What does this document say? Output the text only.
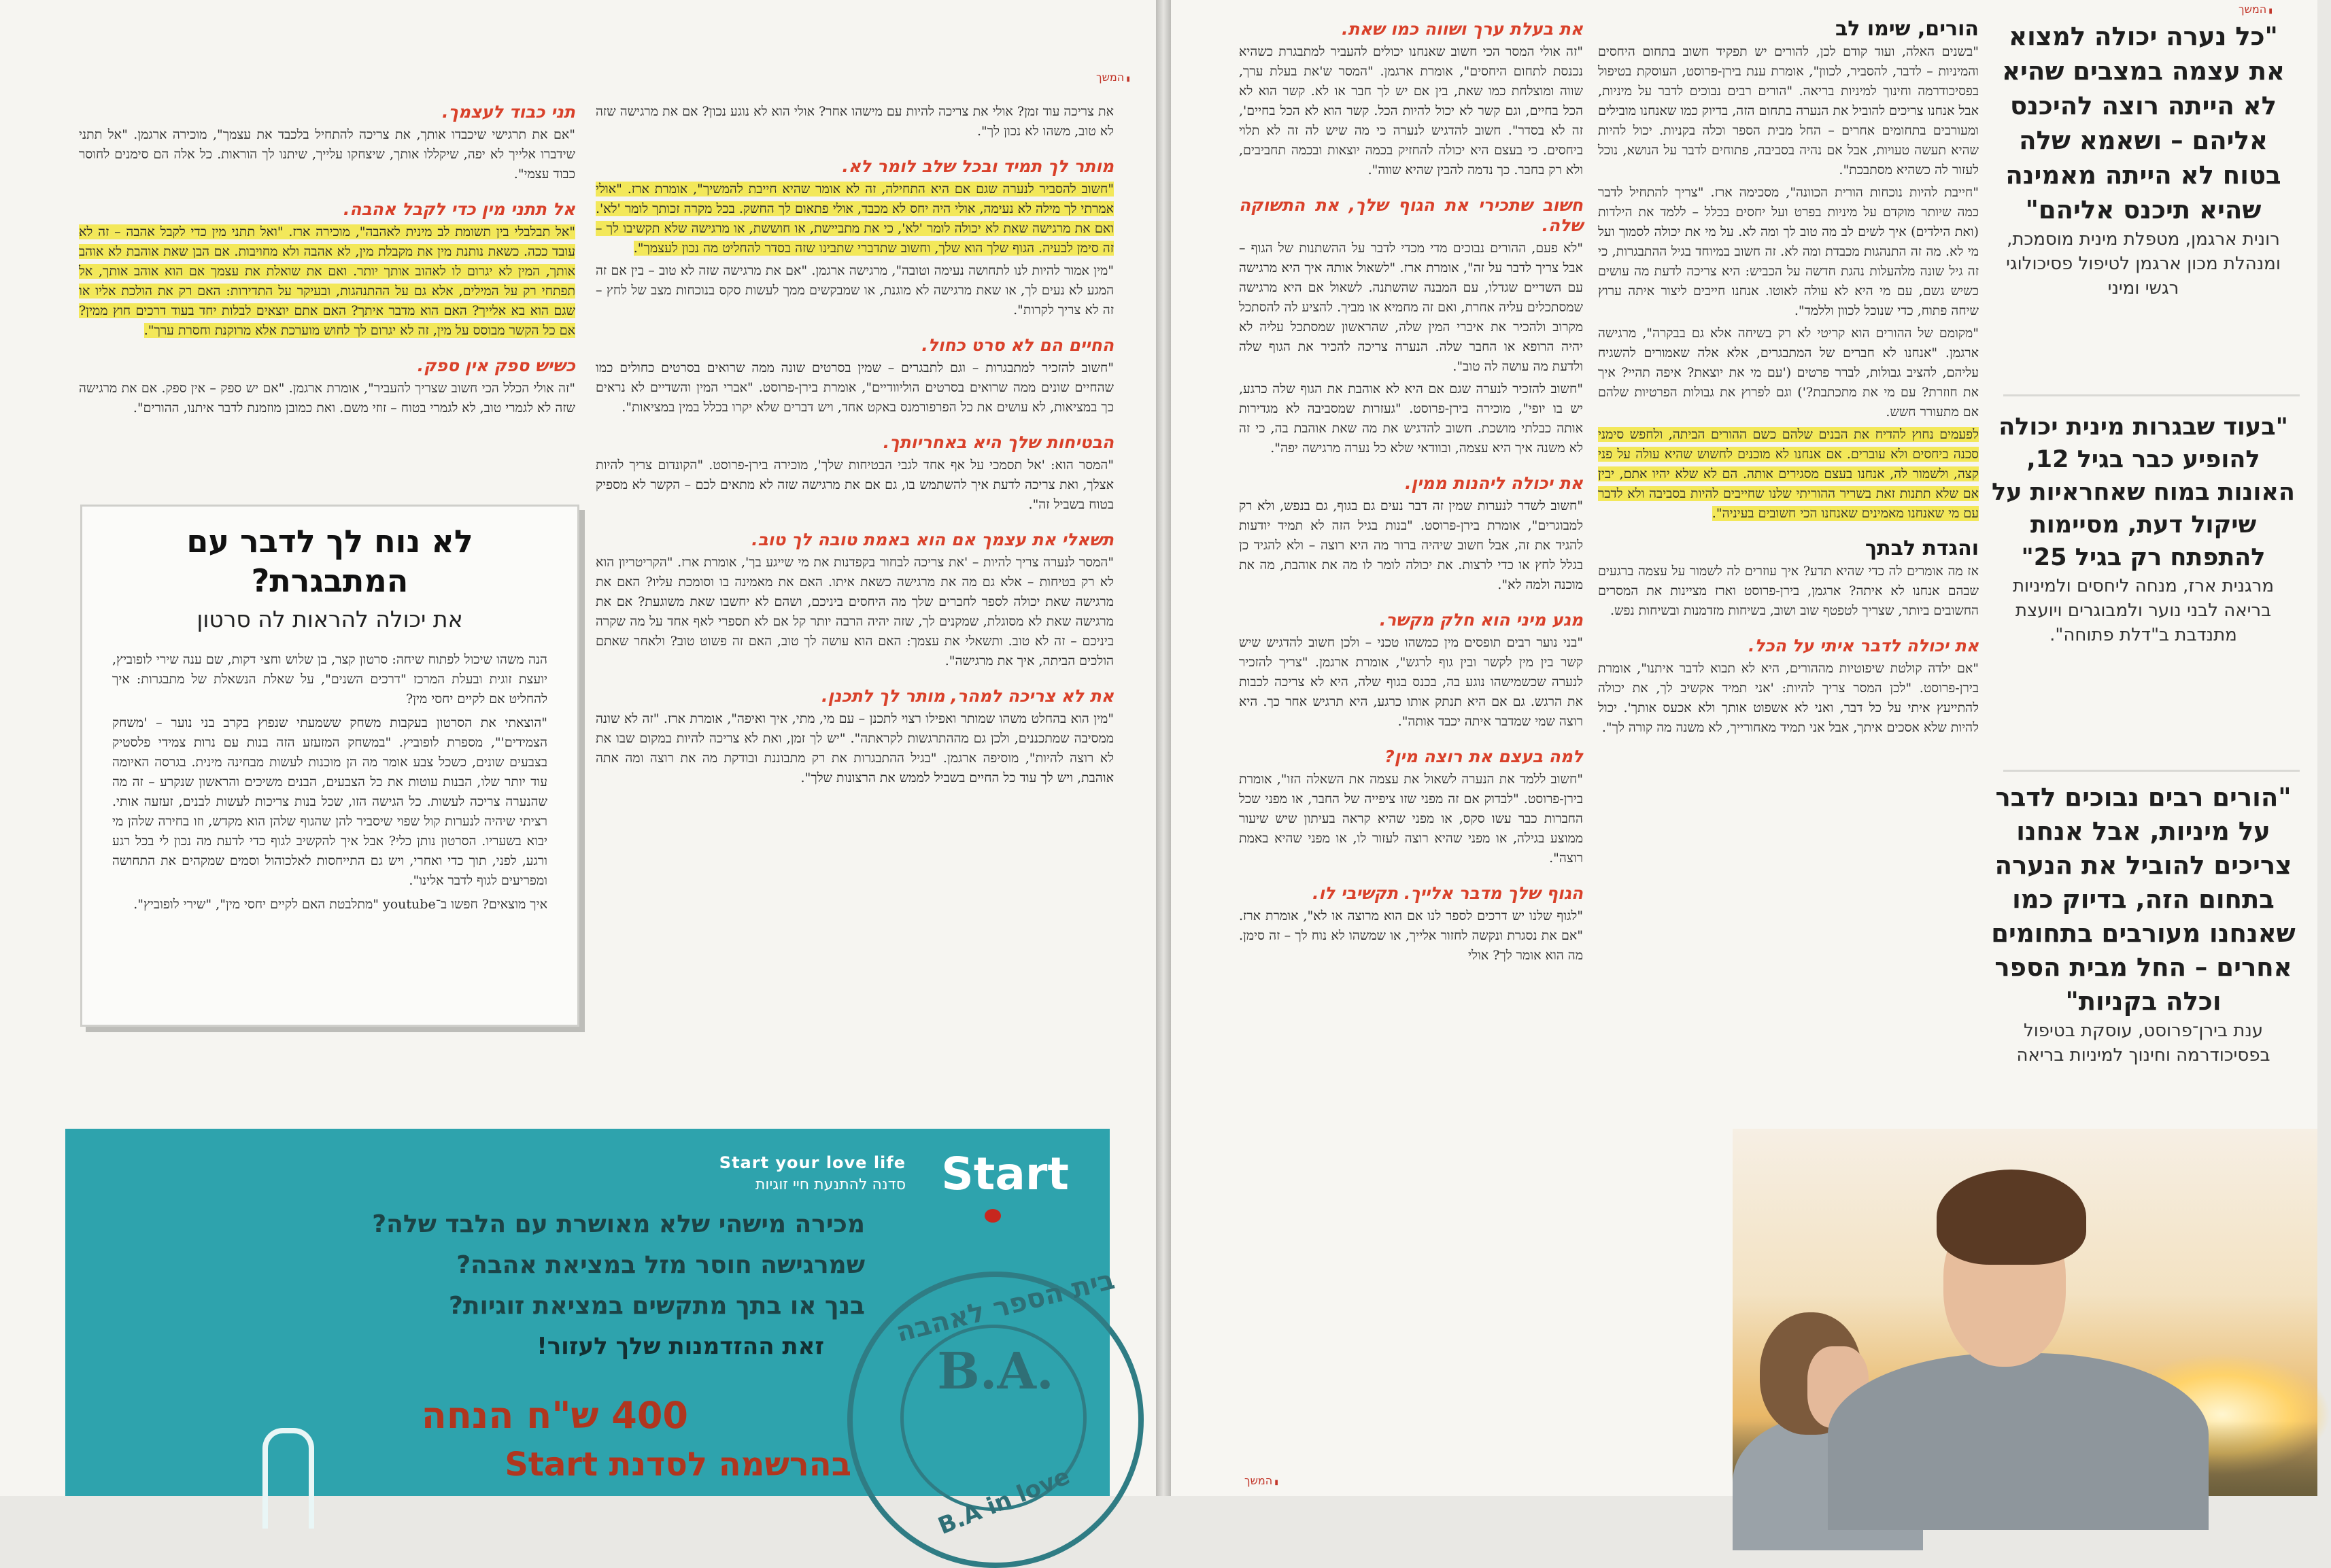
▮ המשך

את צריכה עוד זמן? אולי את צריכה להיות עם מישהו אחר? אולי הוא לא נוגע נכון? אם את מרגישה שזה לא טוב, משהו לא נכון לך".

מותר לך תמיד ובכל שלב לומר לא.

"חשוב להסביר לנערה שגם אם היא התחילה, זה לא אומר שהיא חייבת להמשיך", אומרת ארז. "אולי אמרתי לך מילה לא נעימה, אולי היה יחס לא מכבד, אולי פתאום לך החשק. בכל מקרה זכותך לומר 'לא'. ואם את מרגישה שאת לא יכולה לומר 'לא', כי את מתביישת, או חוששת, או מרגישה שלא תקשיבו לך – זה סימן לבעיה. הגוף שלך הוא שלך, וחשוב שתדברי שתבינו שזה בסדר להחליט מה נכון לעצמך".

"מין אמור להיות לנו לתחושה נעימה וטובה", מרגישה ארגמן. "אם את מרגישה שזה לא טוב – בין אם זה המגע לא נעים לך, או שאת מרגישה לא מוגנת, או שמבקשים ממך לעשות סקס בנוכחות מצב של לחץ – זה לא צריך לקרות".

החיים הם לא סרט כחול.

"חשוב להזכיר למתבגרות – וגם לתבגרים – שמין בסרטים שונה ממה שרואים בסרטים כחולים כמו שהחיים שונים ממה שרואים בסרטים הוליוודיים", אומרת בירן-פרוסט. "אברי המין והשדיים לא נראים כך במציאות, לא עושים את כל הפרפורמנס באקט אחד, ויש דברים שלא יקרו בכלל במין במציאות".

הבטיחות שלך היא באחריותך.

"המסר הוא: 'אל תסמכי על אף אחד לגבי הבטיחות שלך', מוכירה בירן-פרוסט. "הקונדום צריך להיות אצלך, ואת צריכה לדעת איך להשתמש בו, גם אם את מרגישה שזה לא מתאים לכם – הקשר לא מספיק בטוח בשביל זה".

תשאלי את עצמך אם הוא באמת טובה לך טוב.

"המסר לנערה צריך להיות – 'את צריכה לבחור בקפדנות את מי שייגע בך', אומרת ארז. "הקריטריון הוא לא רק בטיחות – אלא גם מה את מרגישה כשאת איתו. האם את מאמינה בו וסומכת עליו? האם את מרגישה שאת יכולה לספר לחברים שלך מה היחסים ביניכם, ושהם לא יחשבו שאת משוגעת? אם את מרגישה שאת לא מסוגלת, שמקנים לך, שזה יהיה הרבה יותר קל אם לא תספרי לאף אחד על מה שקרה ביניכם – זה לא טוב. ותשאלי את עצמך: האם הוא עושה לך טוב, האם זה פשוט טוב? ולאחר שאתם הולכים הביתה, איך את מרגישה".

את לא צריכה למהר, מותר לך לתכנן.

"מין הוא בהחלט משהו שמותר ואפילו רצוי לתכנן – עם מי, מתי, איך ואיפה", אומרת ארז. "זה לא שונה ממסיבה שמתכננים, ולכן גם מההתרגשות לקראתה". "יש לך זמן, ואת לא צריכה להיות במקום שבו את לא רוצה להיות", מוסיפה ארגמן. "בגיל ההתבגרות את רק מתבוננת ובודקת מה את רוצה ומה אתה אוהבת, ויש לך עוד כל החיים בשביל לממש את הרצונות שלך".

תני כבוד לעצמך.

"אם את תרגישי שיכבדו אותך, את צריכה להתחיל בלכבד את עצמך", מוכירה ארגמן. "אל תתני שידברו אלייך לא יפה, שיקללו אותך, שיצחקו עלייך, שיתנו לך הוראות. כל אלה הם סימנים לחוסר כבוד עצמי".

אל תתני מין כדי לקבל אהבה.

"אל תבלבלי בין תשומת לב מינית לאהבה", מוכירה ארז. "ואל תתני מין כדי לקבל אהבה – זה לא עובד ככה. כשאת נותנת מין את מקבלת מין, לא אהבה ולא מחויבות. אם הבן שאת אוהבת לא אוהב אותך, המין לא יגרום לו לאהוב אותך יותר. ואם את שואלת את עצמך אם הוא אוהב אותך, אל תפתחי רק על המילים, אלא גם על ההתנהגות, ובעיקר על התדירות: האם רק את הולכת אליו או שגם הוא בא אלייך? האם הוא מדבר איתך? האם אתם יוצאים לבלות יחד בעוד דרכים חוץ ממין? אם כל הקשר מבוסס על מין, זה לא יגרום לך לחוש מוערכת אלא מרוקנת וחסרת ערך".

כשיש ספק אין ספק.

"זה אולי הכלל הכי חשוב שצריך להעביר", אומרת ארגמן. "אם יש ספק – אין ספק. אם את מרגישה שזה לא לגמרי טוב, לא לגמרי בטוח – זוזי משם. ואת כמובן מוזמנת לדבר איתנו, ההורים".

לא נוח לך לדבר עם המתבגרת?
את יכולה להראות לה סרטון

הנה משהו שיכול לפתוח שיחה: סרטון קצר, בן שלוש וחצי דקות, שם ענה שירי לופוביץ, יועצת זוגית ובעלת המרכז "דרכים השנים", על שאלת הנשאלת של מתבגרות: איך להחליט אם לקיים יחסי מין?

"הוצאתי את הסרטון בעקבות משחק ששמעתי שנפוץ בקרב בני נוער – 'משחק הצמידים'", מספרת לופוביץ. "במשחק המזעזע הזה בנות עם נרות צמידי פלסטיק בצבעים שונים, כשכל צבע אומר מה הן מוכנות לעשות מבחינה מינית. בגרסה האיומה עוד יותר שלו, הבנות עוטות את כל הצבעים, הבנים משיכים והראשון שנקרע – זה מה שהנערה צריכה לעשות. כל הגישה הזו, שכל בנות צריכות לעשות לבנים, זעזעה אותי. רציתי שיהיה לנערות קול שפוי שיסביר להן שהגוף שלהן הוא מקדש, וזו בחירה שלהן מי יבוא בשעריו. הסרטון נותן כלי? אבל איך להקשיב לגוף כדי לדעת מה נכון לי בכל רגע ורגע, לפני, תוך כדי ואחרי, ויש גם התייחסות לאלכוהול וסמים שמקהים את התחושה ומפריעים לגוף לדבר אלינו".

איך מוצאים? חפשו ב־youtube "מתלבטת האם לקיים יחסי מין", "שירי לופוביץ".

Start
Start your love life
סדנה להתנעת חיי זוגיות
מכירה מישהי שלא מאושרת עם הלבד שלה?
שמרגישה חוסר מזל במציאת אהבה?
בנך או בתך מתקשים במציאת זוגיות?
זאת ההזדמנות שלך לעזור!
400 ש"ח הנחה
בהרשמה לסדנת Start
בית הספר לאהבה
B.A.
B.A in love
▮ המשך
"כל נערה יכולה למצוא את עצמה במצבים שהיא לא הייתה רוצה להיכנס אליהם – ושאמא שלה בטוח לא הייתה מאמינה שהיא תיכנס אליהם"
רונית ארגמן, מטפלת מינית מוסמכת, ומנהלת מכון ארגמן לטיפול פסיכולוגי רגשי ומיני
"בעוד שבגרות מינית יכולה להופיע כבר בגיל 12, האונות במוח שאחראיות על שיקול דעת, מסיימות להתפתח רק בגיל 25"
מרגנית ארז, מנחה ליחסים ולמיניות בריאה לבני נוער ולמבוגרים ויועצת מתנדבת ב"דלת פתוחה".
"הורים רבים נבוכים לדבר על מיניות, אבל אנחנו צריכים להוביל את הנערה בתחום הזה, בדיוק כמו שאנחנו מעורבים בתחומים אחרים – החל מבית הספר וכלה בקניות"
ענת בירן־פרוסט, עוסקת בטיפול בפסיכודרמה וחינוך למיניות בריאה
הורים, שימו לב

"בשנים האלה, ועוד קודם לכן, להורים יש תפקיד חשוב בתחום היחסים והמיניות – לדבר, להסביר, לכוון", אומרת ענת בירן-פרוסט, העוסקת בטיפול בפסיכודרמה וחינוך למיניות בריאה. "הורים רבים נבוכים לדבר על מיניות, אבל אנחנו צריכים להוביל את הנערה בתחום הזה, בדיוק כמו שאנחנו מובילים ומעורבים בתחומים אחרים – החל מבית הספר וכלה בקניות. יכול להיות שהיא תעשה טעויות, אבל אם נהיה בסביבה, פתוחים לדבר על הנושא, נוכל לעזור לה כשהיא מסתבכת".

"חייבת להיות נוכחות הורית הכוונה", מסכימה ארז. "צריך להתחיל לדבר כמה שיותר מוקדם על מיניות בפרט ועל יחסים בכלל – ללמד את הילדות (ואת הילדים) איך לשים לב מה טוב לך ומה לא. על מי את יכולה לסמוך ועל מי לא. מה זה התנהגות מכבדת ומה לא. זה חשוב במיוחד בגיל ההתבגרות, כי זה גיל שונה מלהעלות נהגת חדשה על הכביש: היא צריכה לדעת מה עושים כשיש גשם, עם מי היא לא עולה לאוטו. אנחנו חייבים ליצור איתה ערוץ שיחה פתוח, כדי שנוכל לכוון וללמד".

"מקומם של ההורים הוא קריטי לא רק בשיחה אלא גם בבקרה", מרגישה ארגמן. "אנחנו לא חברים של המתבגרים, אלא אלה שאמורים להשגיח עליהם, להציב גבולות, לברר פרטים ('עם מי את יוצאת? איפה תהיי? איך את חוזרת? עם מי את מתכתבת?') וגם לפרוץ את גבולות הפרטיות שלהם אם מתעורר חשש.

לפעמים נחוץ להדיח את הבנים שלהם כשם ההורים הביתה, ולחפש סימני סכנה ביחסים ולא עוברים. אם אנחנו לא מוכנים לחשוש שהיא עולה על פני קצה, ולשמור לה, אנחנו בעצם מסגירים אותה. הם לא שלא יהיו אתם, יבין אם שלא תתנות זאת בשריר ההוריתי שלנו שחייבים להיות בסביבה ולא לדבר עם מי שאנחנו מאמינים שאנחנו הכי חשובים בעיניה".

והגדת לבתך

אז מה אומרים לה כדי שהיא תדע? איך עוזרים לה לשמור על עצמה ברגעים שבהם אנחנו לא איתה? ארגמן, בירן-פרוסט וארז מציינות את המסרים החשובים ביותר, שצריך לטפטף שוב ושוב, בשיחות מזדמנות ובשיחות נפש.

את יכולה לדבר איתי על הכל.

"אם ילדה קולטת שיפוטיות מההורים, היא לא תבוא לדבר איתנו", אומרת בירן-פרוסט. "לכן המסר צריך להיות: 'אני תמיד אקשיב לך, את יכולה להתייעץ איתי על כל דבר, ואני לא אשפוט אותך ולא אכעס אותך'. יכול להיות שלא אסכים איתך, אבל אני תמיד מאחורייך, לא משנה מה קורה לך".

את בעלת ערך ושווה כמו שאת.

"זה אולי המסר הכי חשוב שאנחנו יכולים להעביר למתבגרת כשהיא נכנסת לתחום היחסים", אומרת ארגמן. "המסר ש'את בעלת ערך, שווה ומוצלחת כמו שאת, בין אם יש לך חבר או לא. קשר הוא לא הכל בחיים, וגם קשר לא יכול להיות הכל. קשר הוא לא הכל בחיים', זה לא בסדר". חשוב להדגיש לנערה כי מה שיש לה זה לא תלוי ביחסים. כי בעצם היא יכולה להחזיק בכמה יוצאות ובכמה תחביבים, ולא רק בחבר. כך נדמה להבין שהיא שווה".

חשוב שתכירי את הגוף שלך, את התשוקה שלה.

"לא פעם, ההורים נבוכים מדי מכדי לדבר על ההשתנות של הגוף – אבל צריך לדבר על זה", אומרת ארז. "לשאול אותה איך היא מרגישה עם השדיים שגדלו, עם המבנה שהשתנה. לשאול אם היא מרגישה שמסתכלים עליה אחרת, ואם זה מחמיא או מביך. להציע לה להסתכל מקרוב ולהכיר את איברי המין שלה, שהראשון שמסתכל עליה לא יהיה הרופא או החבר שלה. הנערה צריכה להכיר את הגוף שלה ולדעת מה עושה לה טוב".

"חשוב להזכיר לנערה שגם אם היא לא אוהבת את הגוף שלה כרגע, יש בו יופי", מוכירה בירן-פרוסט. "געזרות שמסביבה לא מגדירות אותה כבלתי מושכת. חשוב להדגיש את מה שאת אוהבת בה, כי זה לא משנה איך היא עצמה, ובוודאי שלא כל נערה מרגישה יפה".

את יכולה ליהנות ממין.

"חשוב לשדר לנערות שמין זה דבר נעים גם בגוף, גם בנפש, ולא רק למבוגרים", אומרת בירן-פרוסט. "בנות בגיל הזה לא תמיד יודעות להגיד את זה, אבל חשוב שיהיה ברור מה היא רוצה – ולא להגיד כן בגלל לחץ או כדי לרצות. את יכולה לומר לו מה את אוהבת, מה את מוכנה ולמה לא".

מגע מיני הוא חלק מקשר.

"בני נוער רבים תופסים מין כמשהו טכני – ולכן חשוב להדגיש שיש קשר בין מין לקשר ובין גוף לרגש", אומרת ארגמן. "צריך להזכיר לנערה שכשמישהו נוגע בה, בכנס בגוף שלה, היא לא צריכה לכבות את הרגש. גם אם היא תנתק אותו כרגע, היא תרגיש אחר כך. היא רוצה שמי שמדבר איתה יכבד אותה".

למה בעצם את רוצה מין?

"חשוב ללמד את הנערה לשאול את עצמה את השאלה הזו", אומרת בירן-פרוסט. "לבדוק אם זה מפני שזו ציפייה של החבר, או מפני שכל החברות כבר עשו סקס, או מפני שהיא קראה בעיתון שיש שיעור ממוצע בגילה, או מפני שהיא רוצה לעזור לו, או מפני שהיא באמת רוצה".

הגוף שלך מדבר אלייך. תקשיבי לו.

"לגוף שלנו יש דרכים לספר לנו אם הוא מרוצה או לא", אומרת ארז. "אם את נסגרת ונקשה לחזור אלייך, או שמשהו לא נוח לך – זה סימן. מה הוא אומר לך? אולי

▮ המשך
